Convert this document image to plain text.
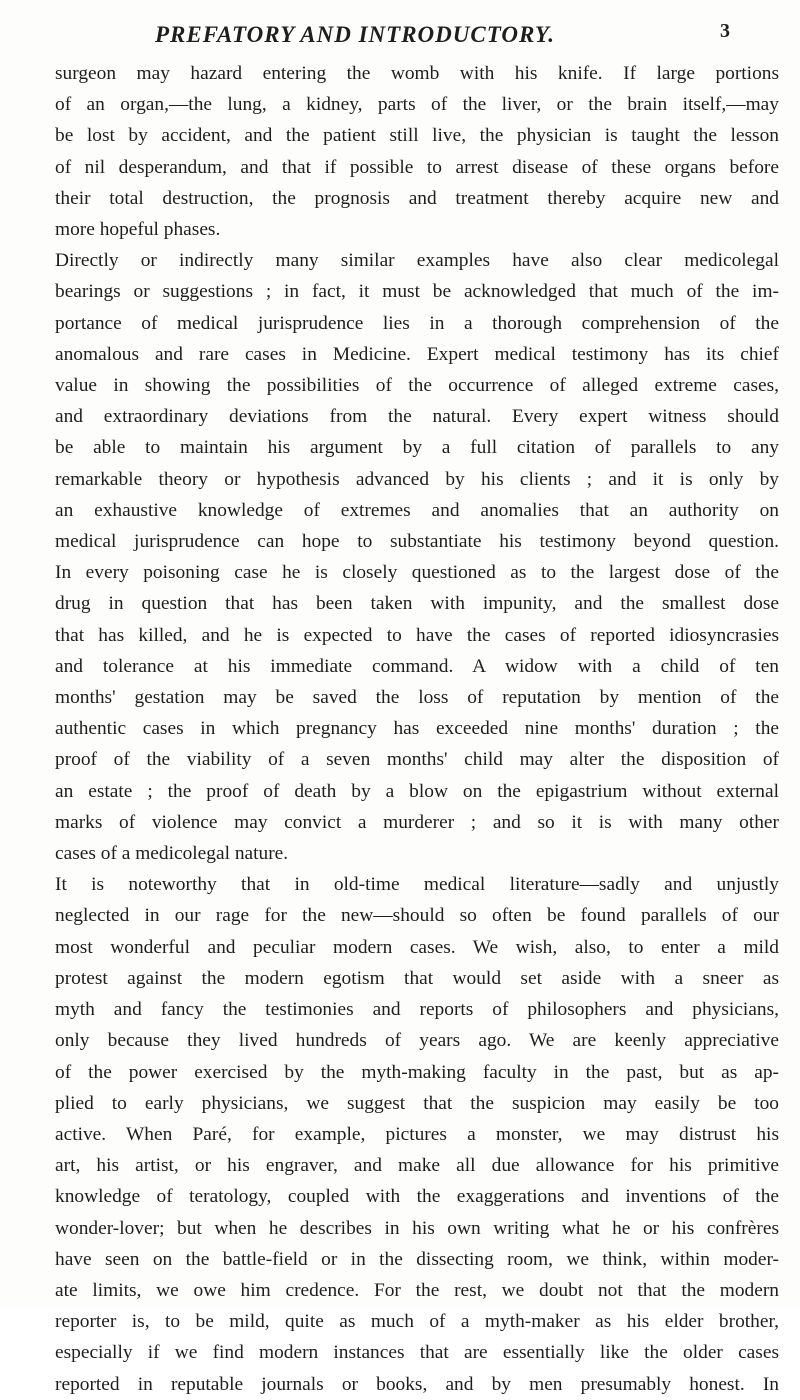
PREFATORY AND INTRODUCTORY.	3
surgeon may hazard entering the womb with his knife. If large portions
of an organ,—the lung, a kidney, parts of the liver, or the brain itself,—may
be lost by accident, and the patient still live, the physician is taught the lesson
of nil desperandum, and that if possible to arrest disease of these organs before
their total destruction, the prognosis and treatment thereby acquire new and
more hopeful phases.
Directly or indirectly many similar examples have also clear medicolegal
bearings or suggestions ; in fact, it must be acknowledged that much of the im-
portance of medical jurisprudence lies in a thorough comprehension of the
anomalous and rare cases in Medicine. Expert medical testimony has its chief
value in showing the possibilities of the occurrence of alleged extreme cases,
and extraordinary deviations from the natural. Every expert witness should
be able to maintain his argument by a full citation of parallels to any
remarkable theory or hypothesis advanced by his clients ; and it is only by
an exhaustive knowledge of extremes and anomalies that an authority on
medical jurisprudence can hope to substantiate his testimony beyond question.
In every poisoning case he is closely questioned as to the largest dose of the
drug in question that has been taken with impunity, and the smallest dose
that has killed, and he is expected to have the cases of reported idiosyncrasies
and tolerance at his immediate command. A widow with a child of ten
months' gestation may be saved the loss of reputation by mention of the
authentic cases in which pregnancy has exceeded nine months' duration ; the
proof of the viability of a seven months' child may alter the disposition of
an estate ; the proof of death by a blow on the epigastrium without external
marks of violence may convict a murderer ; and so it is with many other
cases of a medicolegal nature.
It is noteworthy that in old-time medical literature—sadly and unjustly
neglected in our rage for the new—should so often be found parallels of our
most wonderful and peculiar modern cases. We wish, also, to enter a mild
protest against the modern egotism that would set aside with a sneer as
myth and fancy the testimonies and reports of philosophers and physicians,
only because they lived hundreds of years ago. We are keenly appreciative
of the power exercised by the myth-making faculty in the past, but as ap-
plied to early physicians, we suggest that the suspicion may easily be too
active. When Paré, for example, pictures a monster, we may distrust his
art, his artist, or his engraver, and make all due allowance for his primitive
knowledge of teratology, coupled with the exaggerations and inventions of the
wonder-lover; but when he describes in his own writing what he or his confrères
have seen on the battle-field or in the dissecting room, we think, within moder-
ate limits, we owe him credence. For the rest, we doubt not that the modern
reporter is, to be mild, quite as much of a myth-maker as his elder brother,
especially if we find modern instances that are essentially like the older cases
reported in reputable journals or books, and by men presumably honest. In
